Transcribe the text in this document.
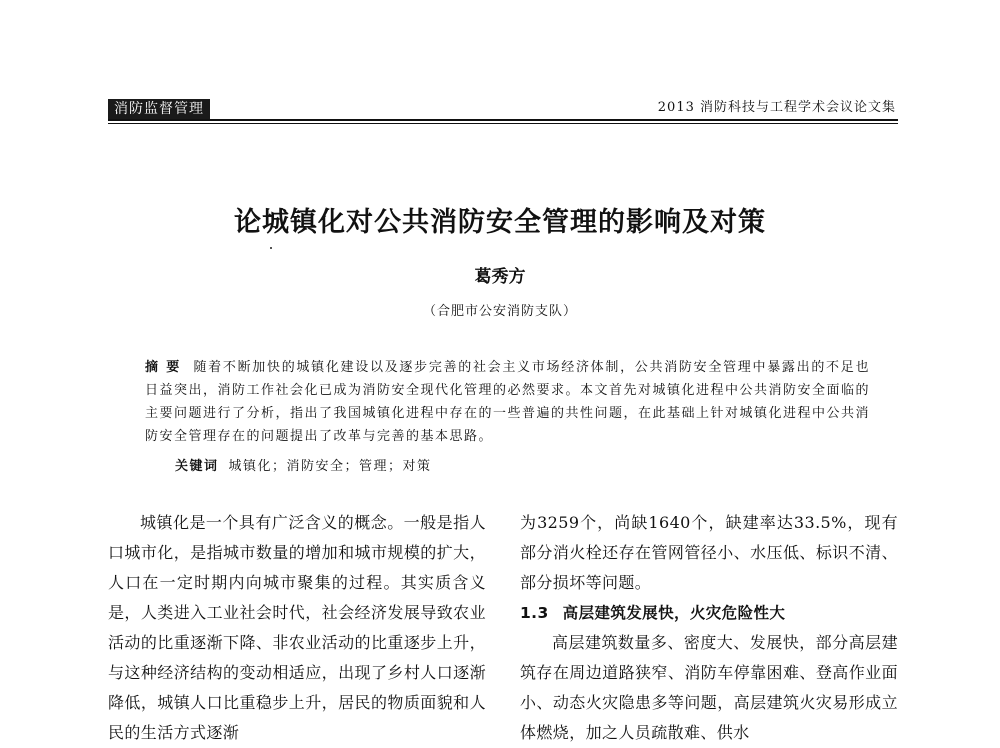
消防监督管理	2013 消防科技与工程学术会议论文集
论城镇化对公共消防安全管理的影响及对策
葛秀方
（合肥市公安消防支队）
摘要 随着不断加快的城镇化建设以及逐步完善的社会主义市场经济体制，公共消防安全管理中暴露出的不足也日益突出，消防工作社会化已成为消防安全现代化管理的必然要求。本文首先对城镇化进程中公共消防安全面临的主要问题进行了分析，指出了我国城镇化进程中存在的一些普遍的共性问题，在此基础上针对城镇化进程中公共消防安全管理存在的问题提出了改革与完善的基本思路。
关键词 城镇化；消防安全；管理；对策

城镇化是一个具有广泛含义的概念。一般是指人口城市化，是指城市数量的增加和城市规模的扩大，人口在一定时期内向城市聚集的过程。其实质含义是，人类进入工业社会时代，社会经济发展导致农业活动的比重逐渐下降、非农业活动的比重逐步上升，与这种经济结构的变动相适应，出现了乡村人口逐渐降低，城镇人口比重稳步上升，居民的物质面貌和人民的生活方式逐渐

为3259个，尚缺1640个，缺建率达33.5%，现有部分消火栓还存在管网管径小、水压低、标识不清、部分损坏等问题。

1.3 高层建筑发展快，火灾危险性大

高层建筑数量多、密度大、发展快，部分高层建筑存在周边道路狭窄、消防车停靠困难、登高作业面小、动态火灾隐患多等问题，高层建筑火灾易形成立体燃烧，加之人员疏散难、供水
